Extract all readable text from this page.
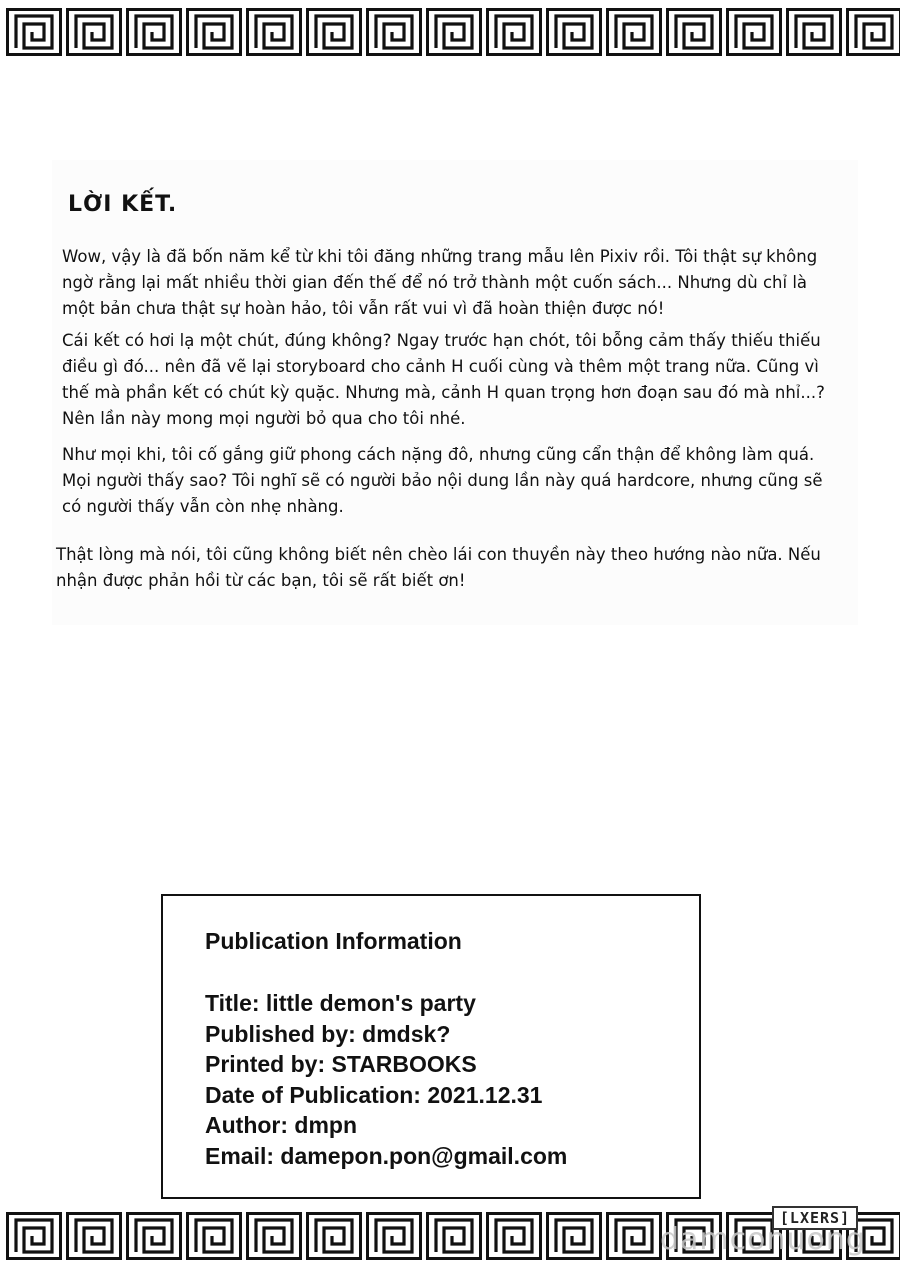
LỜI KẾT.

Wow, vậy là đã bốn năm kể từ khi tôi đăng những trang mẫu lên Pixiv rồi. Tôi thật sự không ngờ rằng lại mất nhiều thời gian đến thế để nó trở thành một cuốn sách... Nhưng dù chỉ là một bản chưa thật sự hoàn hảo, tôi vẫn rất vui vì đã hoàn thiện được nó!

Cái kết có hơi lạ một chút, đúng không? Ngay trước hạn chót, tôi bỗng cảm thấy thiếu thiếu điều gì đó... nên đã vẽ lại storyboard cho cảnh H cuối cùng và thêm một trang nữa. Cũng vì thế mà phần kết có chút kỳ quặc. Nhưng mà, cảnh H quan trọng hơn đoạn sau đó mà nhỉ...? Nên lần này mong mọi người bỏ qua cho tôi nhé.

Như mọi khi, tôi cố gắng giữ phong cách nặng đô, nhưng cũng cẩn thận để không làm quá. Mọi người thấy sao? Tôi nghĩ sẽ có người bảo nội dung lần này quá hardcore, nhưng cũng sẽ có người thấy vẫn còn nhẹ nhàng.

Thật lòng mà nói, tôi cũng không biết nên chèo lái con thuyền này theo hướng nào nữa. Nếu nhận được phản hồi từ các bạn, tôi sẽ rất biết ơn!

Publication Information
Title: little demon's party
Published by: dmdsk?
Printed by: STARBOOKS
Date of Publication: 2021.12.31
Author: dmpn
Email: damepon.pon@gmail.com
[LXERS]
damconuong
